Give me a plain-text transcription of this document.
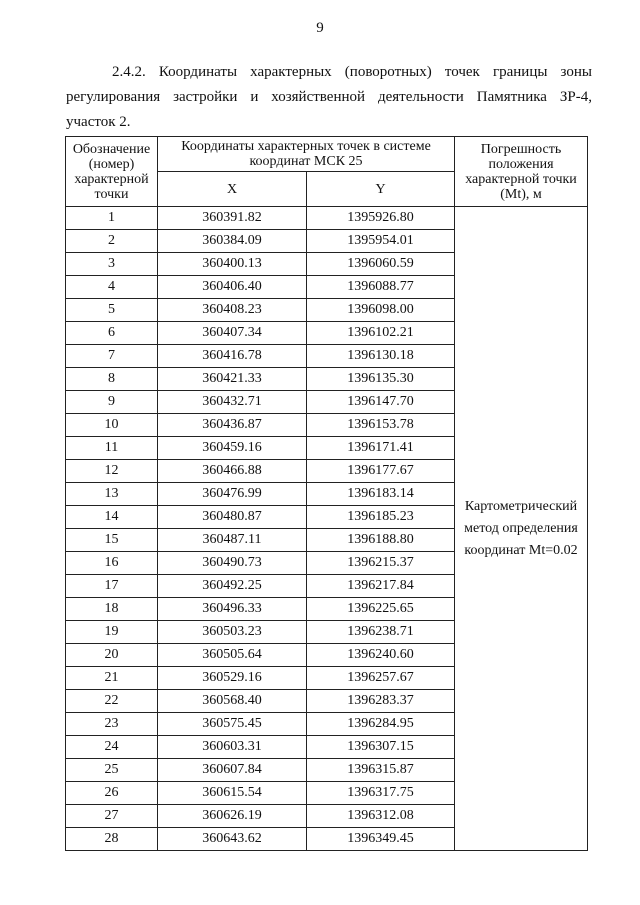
9
2.4.2. Координаты характерных (поворотных) точек границы зоны
регулирования застройки и хозяйственной деятельности Памятника ЗР-4,
участок 2.
Обозначение (номер) характерной точки	Координаты характерных точек в системе координат МСК 25		Погрешность положения характерной точки (Mt), м
	X	Y	
1	360391.82	1395926.80	Картометрический метод определения координат Mt=0.02
2	360384.09	1395954.01	
3	360400.13	1396060.59	
4	360406.40	1396088.77	
5	360408.23	1396098.00	
6	360407.34	1396102.21	
7	360416.78	1396130.18	
8	360421.33	1396135.30	
9	360432.71	1396147.70	
10	360436.87	1396153.78	
11	360459.16	1396171.41	
12	360466.88	1396177.67	
13	360476.99	1396183.14	
14	360480.87	1396185.23	
15	360487.11	1396188.80	
16	360490.73	1396215.37	
17	360492.25	1396217.84	
18	360496.33	1396225.65	
19	360503.23	1396238.71	
20	360505.64	1396240.60	
21	360529.16	1396257.67	
22	360568.40	1396283.37	
23	360575.45	1396284.95	
24	360603.31	1396307.15	
25	360607.84	1396315.87	
26	360615.54	1396317.75	
27	360626.19	1396312.08	
28	360643.62	1396349.45	
